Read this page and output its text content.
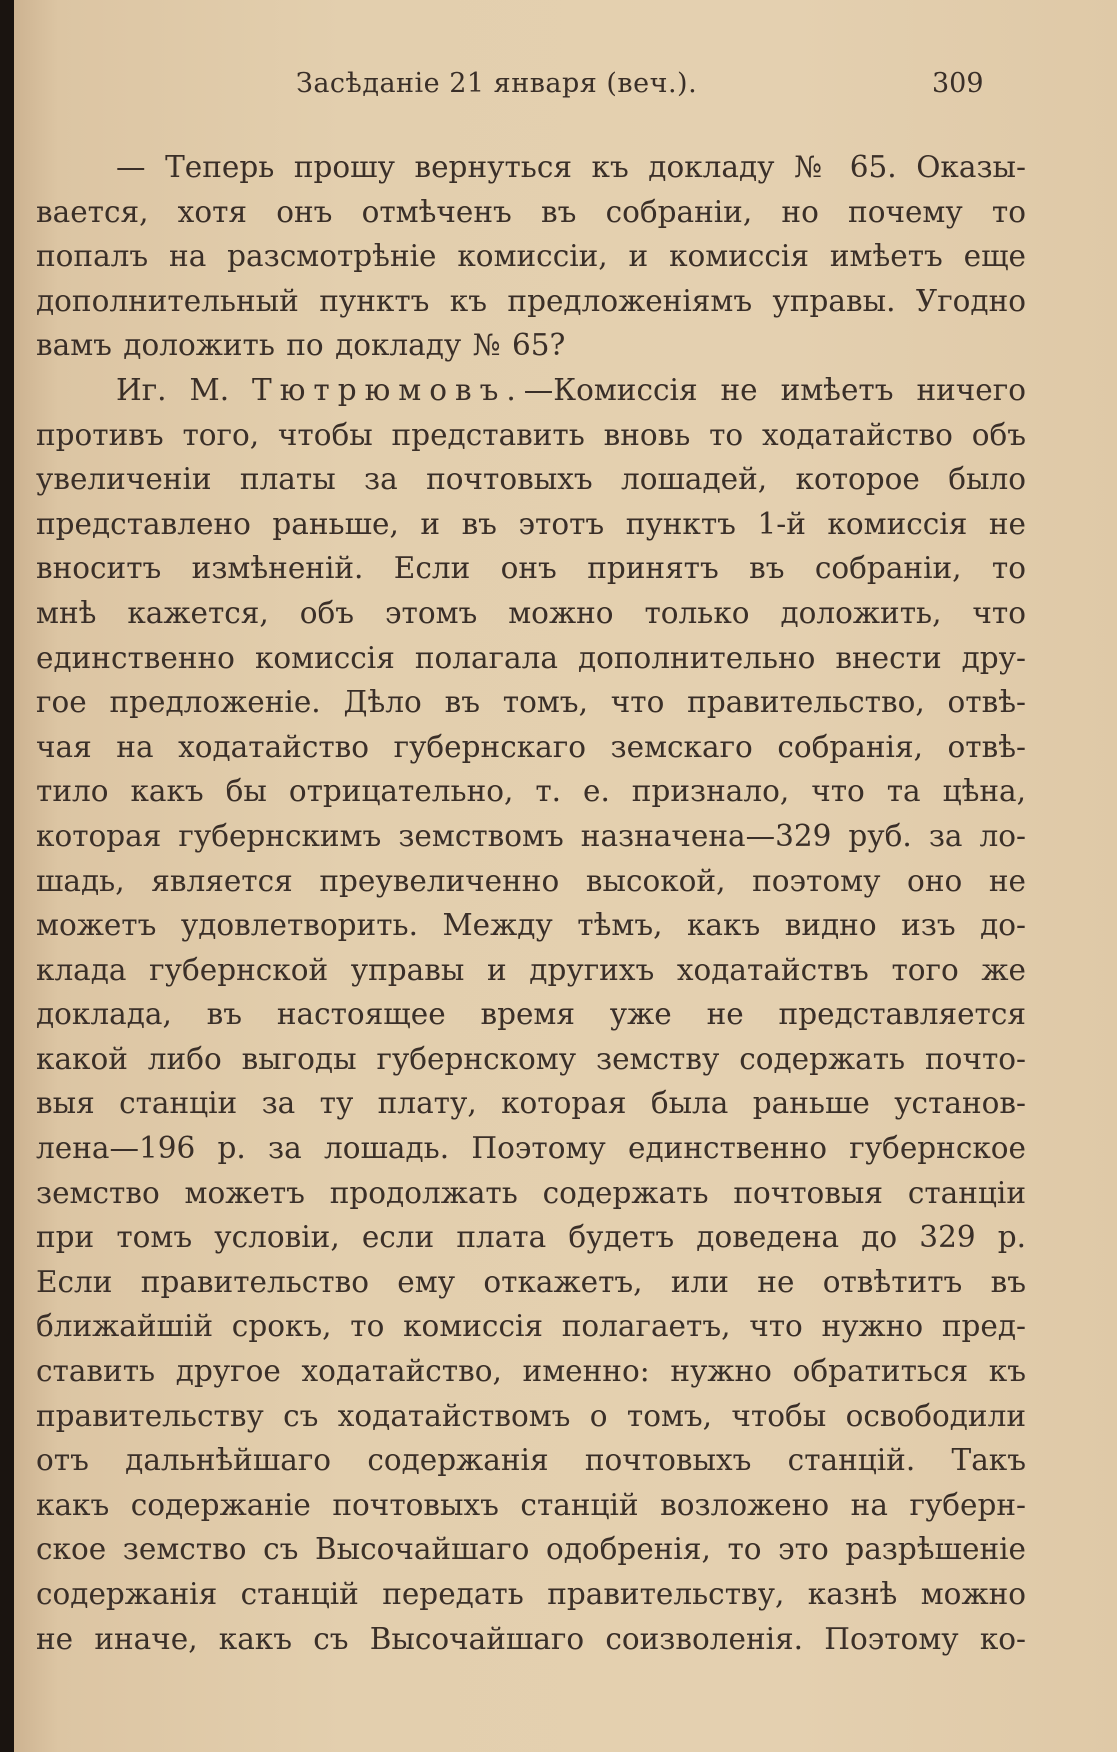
Засѣданіе 21 января (веч.).	309
— Теперь прошу вернуться къ докладу № 65. Оказы-
вается, хотя онъ отмѣченъ въ собраніи, но почему то
попалъ на разсмотрѣніе комиссіи, и комиссія имѣетъ еще
дополнительный пунктъ къ предложеніямъ управы. Угодно
вамъ доложить по докладу № 65?
Иг. М. Тютрюмовъ.—Комиссія не имѣетъ ничего
противъ того, чтобы представить вновь то ходатайство объ
увеличеніи платы за почтовыхъ лошадей, которое было
представлено раньше, и въ этотъ пунктъ 1-й комиссія не
вноситъ измѣненій. Если онъ принятъ въ собраніи, то
мнѣ кажется, объ этомъ можно только доложить, что
единственно комиссія полагала дополнительно внести дру-
гое предложеніе. Дѣло въ томъ, что правительство, отвѣ-
чая на ходатайство губернскаго земскаго собранія, отвѣ-
тило какъ бы отрицательно, т. е. признало, что та цѣна,
которая губернскимъ земствомъ назначена—329 руб. за ло-
шадь, является преувеличенно высокой, поэтому оно не
можетъ удовлетворить. Между тѣмъ, какъ видно изъ до-
клада губернской управы и другихъ ходатайствъ того же
доклада, въ настоящее время уже не представляется
какой либо выгоды губернскому земству содержать почто-
выя станціи за ту плату, которая была раньше установ-
лена—196 р. за лошадь. Поэтому единственно губернское
земство можетъ продолжать содержать почтовыя станціи
при томъ условіи, если плата будетъ доведена до 329 р.
Если правительство ему откажетъ, или не отвѣтитъ въ
ближайшій срокъ, то комиссія полагаетъ, что нужно пред-
ставить другое ходатайство, именно: нужно обратиться къ
правительству съ ходатайствомъ о томъ, чтобы освободили
отъ дальнѣйшаго содержанія почтовыхъ станцій. Такъ
какъ содержаніе почтовыхъ станцій возложено на губерн-
ское земство съ Высочайшаго одобренія, то это разрѣшеніе
содержанія станцій передать правительству, казнѣ можно
не иначе, какъ съ Высочайшаго соизволенія. Поэтому ко-
